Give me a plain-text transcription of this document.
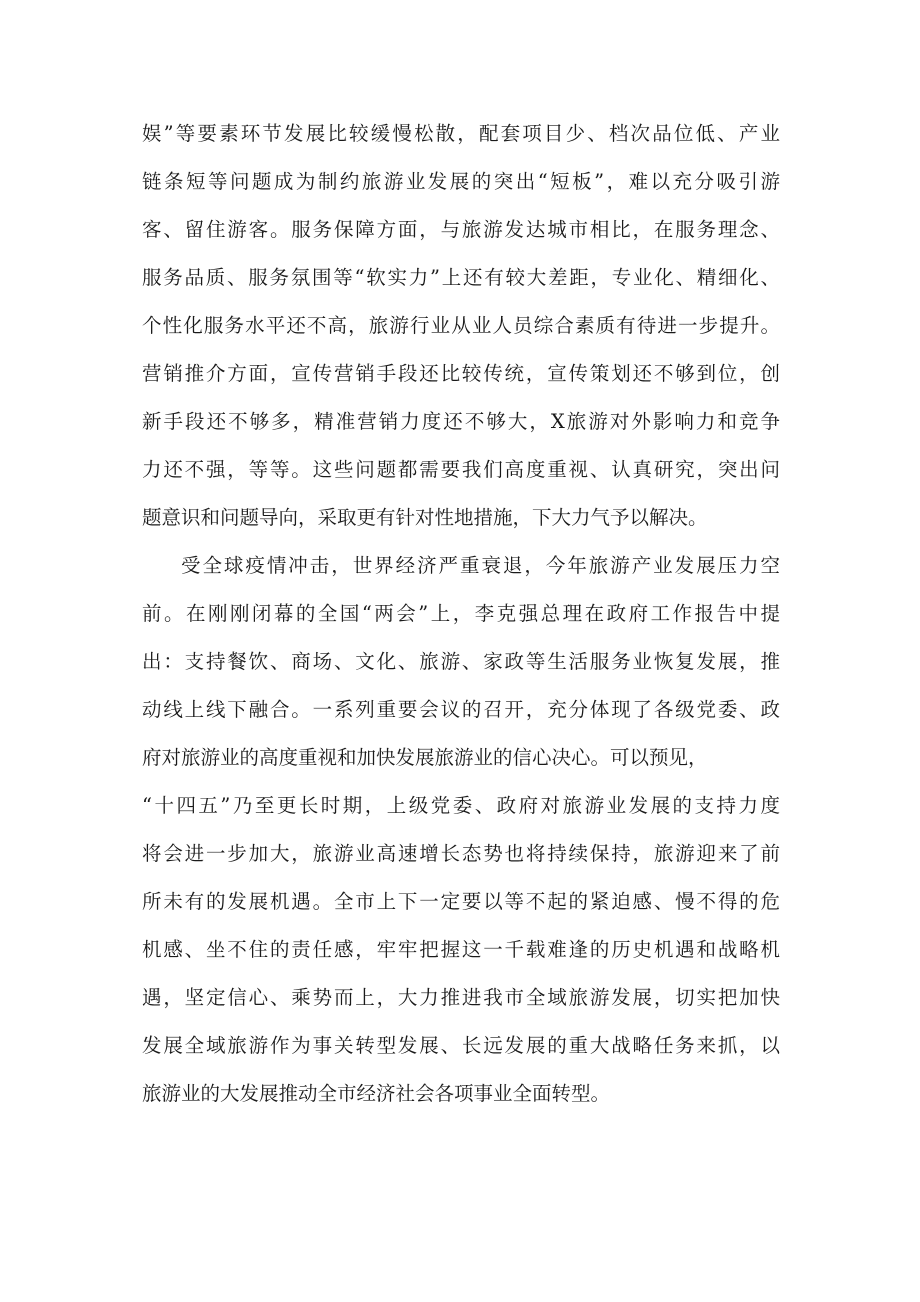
娱”等要素环节发展比较缓慢松散，配套项目少、档次品位低、产业
链条短等问题成为制约旅游业发展的突出“短板”，难以充分吸引游
客、留住游客。服务保障方面，与旅游发达城市相比，在服务理念、
服务品质、服务氛围等“软实力”上还有较大差距，专业化、精细化、
个性化服务水平还不高，旅游行业从业人员综合素质有待进一步提升。
营销推介方面，宣传营销手段还比较传统，宣传策划还不够到位，创
新手段还不够多，精准营销力度还不够大，X旅游对外影响力和竞争
力还不强，等等。这些问题都需要我们高度重视、认真研究，突出问
题意识和问题导向，采取更有针对性地措施，下大力气予以解决。

受全球疫情冲击，世界经济严重衰退，今年旅游产业发展压力空
前。在刚刚闭幕的全国“两会”上，李克强总理在政府工作报告中提
出：支持餐饮、商场、文化、旅游、家政等生活服务业恢复发展，推
动线上线下融合。一系列重要会议的召开，充分体现了各级党委、政
府对旅游业的高度重视和加快发展旅游业的信心决心。可以预见，
“十四五”乃至更长时期，上级党委、政府对旅游业发展的支持力度
将会进一步加大，旅游业高速增长态势也将持续保持，旅游迎来了前
所未有的发展机遇。全市上下一定要以等不起的紧迫感、慢不得的危
机感、坐不住的责任感，牢牢把握这一千载难逢的历史机遇和战略机
遇，坚定信心、乘势而上，大力推进我市全域旅游发展，切实把加快
发展全域旅游作为事关转型发展、长远发展的重大战略任务来抓，以
旅游业的大发展推动全市经济社会各项事业全面转型。
